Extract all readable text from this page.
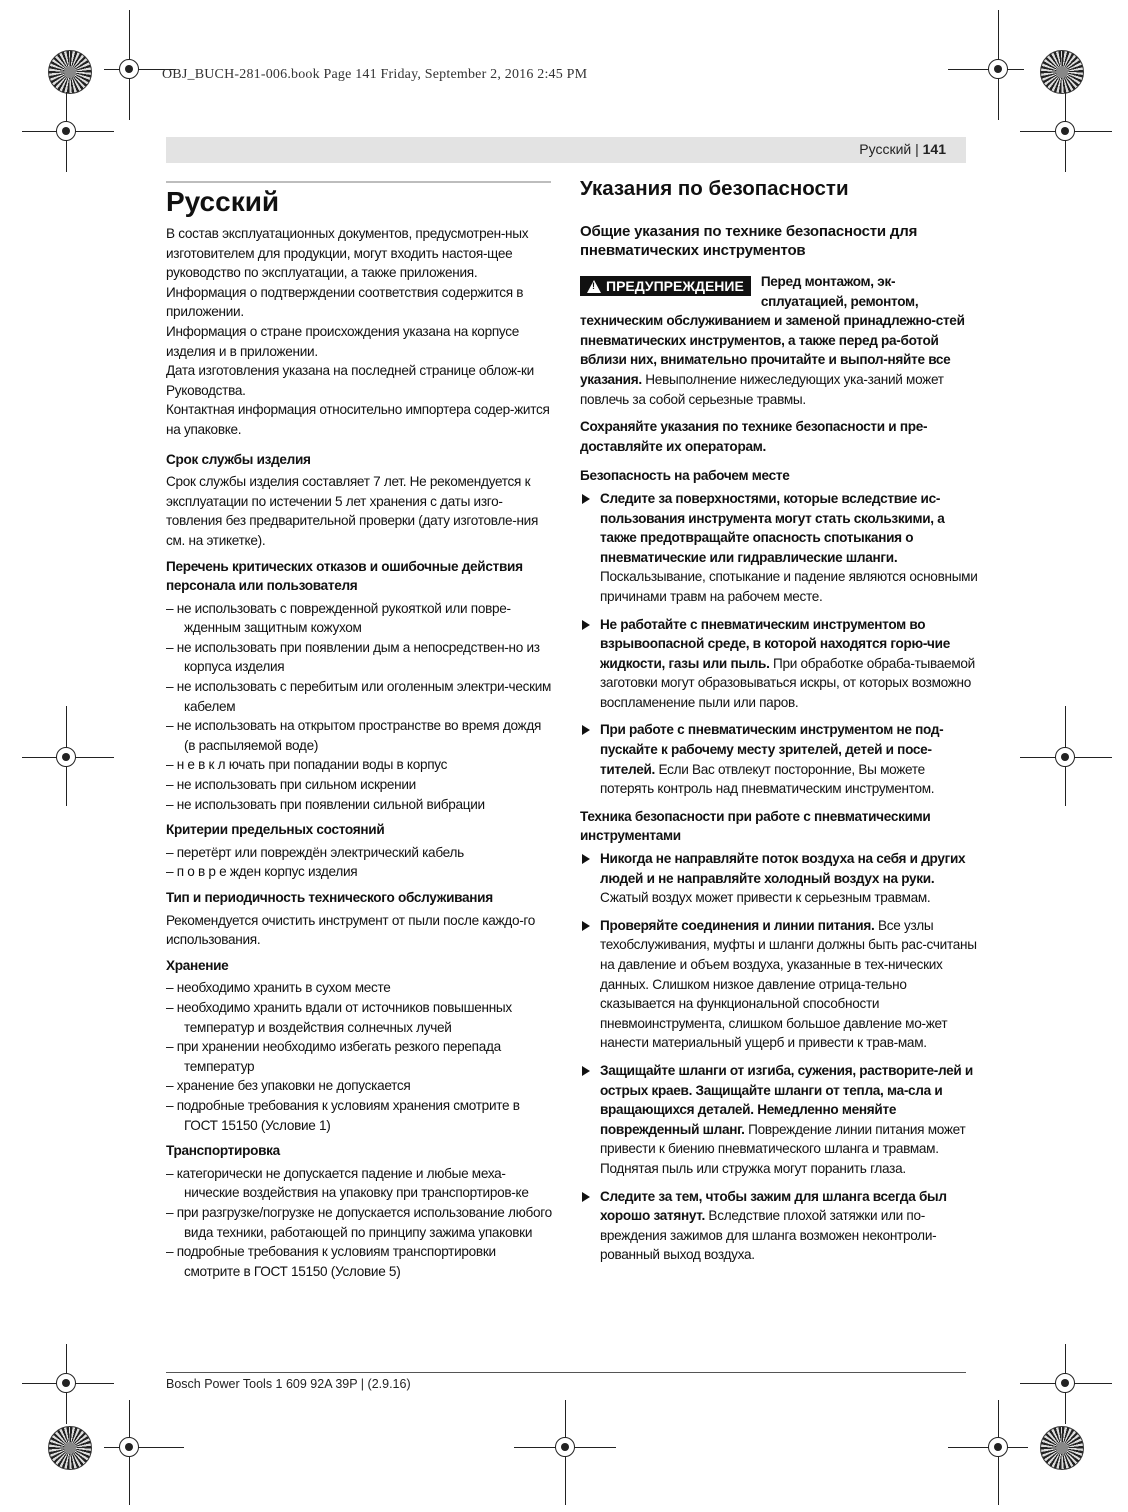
OBJ_BUCH-281-006.book Page 141 Friday, September 2, 2016 2:45 PM
Русский | 141
Русский

В состав эксплуатационных документов, предусмотрен-ных изготовителем для продукции, могут входить настоя-щее руководство по эксплуатации, а также приложения.

Информация о подтверждении соответствия содержится в приложении.

Информация о стране происхождения указана на корпусе изделия и в приложении.

Дата изготовления указана на последней странице облож-ки Руководства.

Контактная информация относительно импортера содер-жится на упаковке.

Срок службы изделия

Срок службы изделия составляет 7 лет. Не рекомендуется к эксплуатации по истечении 5 лет хранения с даты изго-товления без предварительной проверки (дату изготовле-ния см. на этикетке).

Перечень критических отказов и ошибочные действия персонала или пользователя

– не использовать с поврежденной рукояткой или повре-жденным защитным кожухом

– не использовать при появлении дым а непосредствен-но из корпуса изделия

– не использовать с перебитым или оголенным электри-ческим кабелем

– не использовать на открытом пространстве во время дождя (в распыляемой воде)

– н е в к л ючать при попадании воды в корпус

– не использовать при сильном искрении

– не использовать при появлении сильной вибрации

Критерии предельных состояний

– перетёрт или повреждён электрический кабель

– п о в р е жден корпус изделия

Тип и периодичность технического обслуживания

Рекомендуется очистить инструмент от пыли после каждо-го использования.

Хранение

– необходимо хранить в сухом месте

– необходимо хранить вдали от источников повышенных температур и воздействия солнечных лучей

– при хранении необходимо избегать резкого перепада температур

– хранение без упаковки не допускается

– подробные требования к условиям хранения смотрите в ГОСТ 15150 (Условие 1)

Транспортировка

– категорически не допускается падение и любые меха-нические воздействия на упаковку при транспортиров-ке

– при разгрузке/погрузке не допускается использование любого вида техники, работающей по принципу зажима упаковки

– подробные требования к условиям транспортировки смотрите в ГОСТ 15150 (Условие 5)

Указания по безопасности
Общие указания по технике безопасности для пневматических инструментов
!
ПРЕДУПРЕЖДЕНИЕ Перед монтажом, эк-сплуатацией, ремонтом, техническим обслуживанием и заменой принадлежно-стей пневматических инструментов, а также перед ра-ботой вблизи них, внимательно прочитайте и выпол-няйте все указания. Невыполнение нижеследующих ука-заний может повлечь за собой серьезные травмы.
Сохраняйте указания по технике безопасности и пре-доставляйте их операторам.
Безопасность на рабочем месте
Следите за поверхностями, которые вследствие ис-пользования инструмента могут стать скользкими, а также предотвращайте опасность спотыкания о пневматические или гидравлические шланги. Поскальзывание, спотыкание и падение являются основными причинами травм на рабочем месте.
Не работайте с пневматическим инструментом во взрывоопасной среде, в которой находятся горю-чие жидкости, газы или пыль. При обработке обраба-тываемой заготовки могут образовываться искры, от которых возможно воспламенение пыли или паров.
При работе с пневматическим инструментом не под-пускайте к рабочему месту зрителей, детей и посе-тителей. Если Вас отвлекут посторонние, Вы можете потерять контроль над пневматическим инструментом.
Техника безопасности при работе с пневматическими инструментами
Никогда не направляйте поток воздуха на себя и других людей и не направляйте холодный воздух на руки. Сжатый воздух может привести к серьезным травмам.
Проверяйте соединения и линии питания. Все узлы техобслуживания, муфты и шланги должны быть рас-считаны на давление и объем воздуха, указанные в тех-нических данных. Слишком низкое давление отрица-тельно сказывается на функциональной способности пневмоинструмента, слишком большое давление мо-жет нанести материальный ущерб и привести к трав-мам.
Защищайте шланги от изгиба, сужения, растворите-лей и острых краев. Защищайте шланги от тепла, ма-сла и вращающихся деталей. Немедленно меняйте поврежденный шланг. Повреждение линии питания может привести к биению пневматического шланга и травмам. Поднятая пыль или стружка могут поранить глаза.
Следите за тем, чтобы зажим для шланга всегда был хорошо затянут. Вследствие плохой затяжки или по-вреждения зажимов для шланга возможен неконтроли-рованный выход воздуха.
Bosch Power Tools 1 609 92A 39P | (2.9.16)
